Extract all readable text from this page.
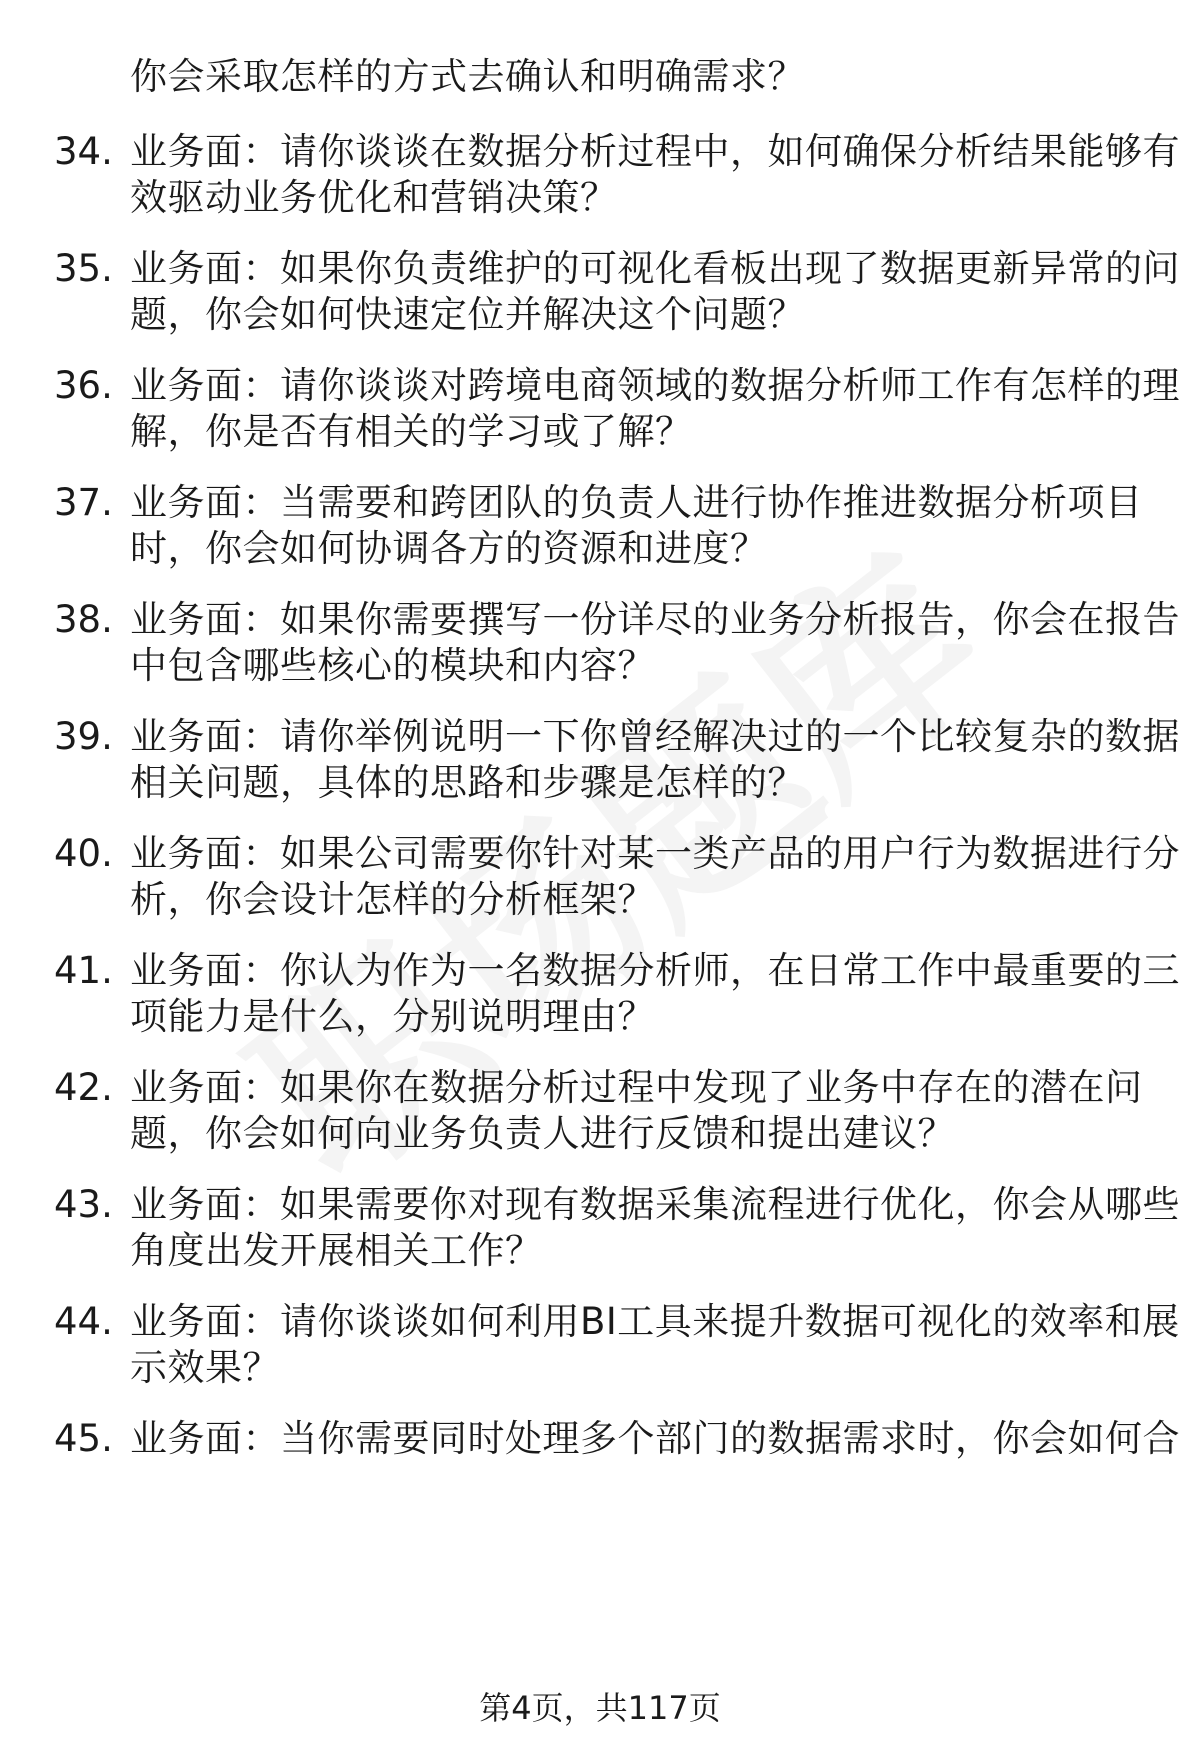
你会采取怎样的方式去确认和明确需求？
34. 业务面：请你谈谈在数据分析过程中，如何确保分析结果能够有
效驱动业务优化和营销决策？
35. 业务面：如果你负责维护的可视化看板出现了数据更新异常的问
题，你会如何快速定位并解决这个问题？
36. 业务面：请你谈谈对跨境电商领域的数据分析师工作有怎样的理
解，你是否有相关的学习或了解？
37. 业务面：当需要和跨团队的负责人进行协作推进数据分析项目
时，你会如何协调各方的资源和进度？
38. 业务面：如果你需要撰写一份详尽的业务分析报告，你会在报告
中包含哪些核心的模块和内容？
39. 业务面：请你举例说明一下你曾经解决过的一个比较复杂的数据
相关问题，具体的思路和步骤是怎样的？
40. 业务面：如果公司需要你针对某一类产品的用户行为数据进行分
析，你会设计怎样的分析框架？
41. 业务面：你认为作为一名数据分析师，在日常工作中最重要的三
项能力是什么，分别说明理由？
42. 业务面：如果你在数据分析过程中发现了业务中存在的潜在问
题，你会如何向业务负责人进行反馈和提出建议？
43. 业务面：如果需要你对现有数据采集流程进行优化，你会从哪些
角度出发开展相关工作？
44. 业务面：请你谈谈如何利用BI工具来提升数据可视化的效率和展
示效果？
45. 业务面：当你需要同时处理多个部门的数据需求时，你会如何合
第4页，共117页
